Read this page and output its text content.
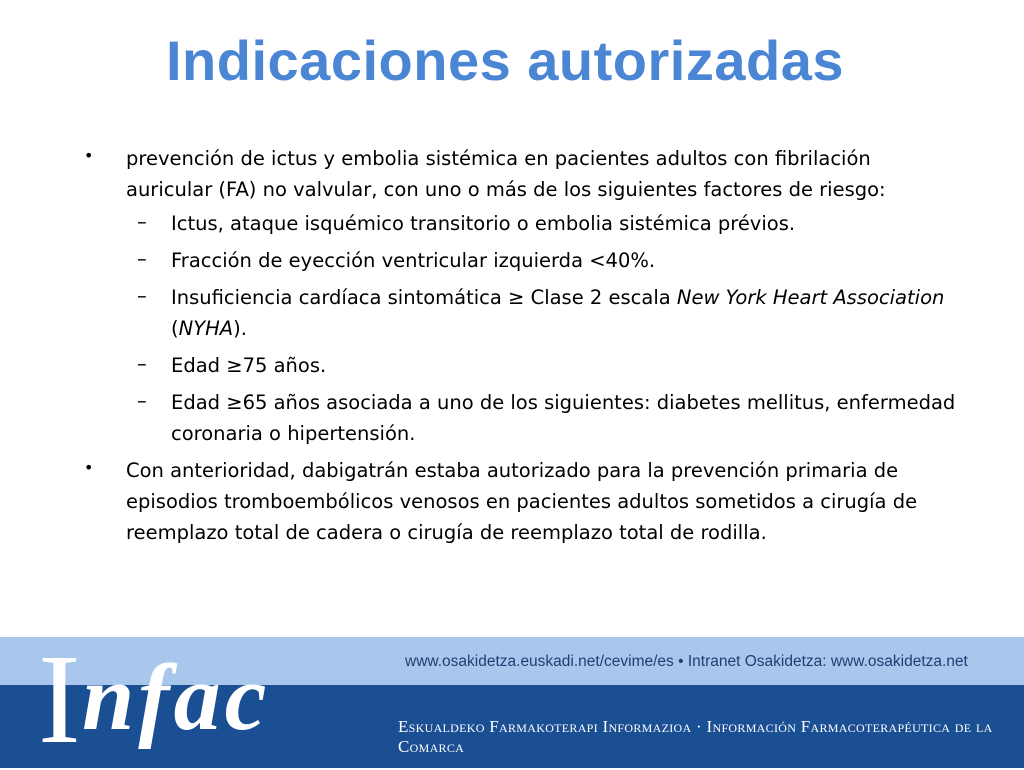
Indicaciones autorizadas

• prevención de ictus y embolia sistémica en pacientes adultos con fibrilación auricular (FA) no valvular, con uno o más de los siguientes factores de riesgo:

– Ictus, ataque isquémico transitorio o embolia sistémica prévios.

– Fracción de eyección ventricular izquierda <40%.

– Insuficiencia cardíaca sintomática ≥ Clase 2 escala New York Heart Association (NYHA).

– Edad ≥75 años.

– Edad ≥65 años asociada a uno de los siguientes: diabetes mellitus, enfermedad coronaria o hipertensión.

• Con anterioridad, dabigatrán estaba autorizado para la prevención primaria de episodios tromboembólicos venosos en pacientes adultos sometidos a cirugía de reemplazo total de cadera o cirugía de reemplazo total de rodilla.

I nfac	www.osakidetza.euskadi.net/cevime/es • Intranet Osakidetza: www.osakidetza.net
Eskualdeko Farmakoterapi Informazioa · Información Farmacoterapéutica de la Comarca
